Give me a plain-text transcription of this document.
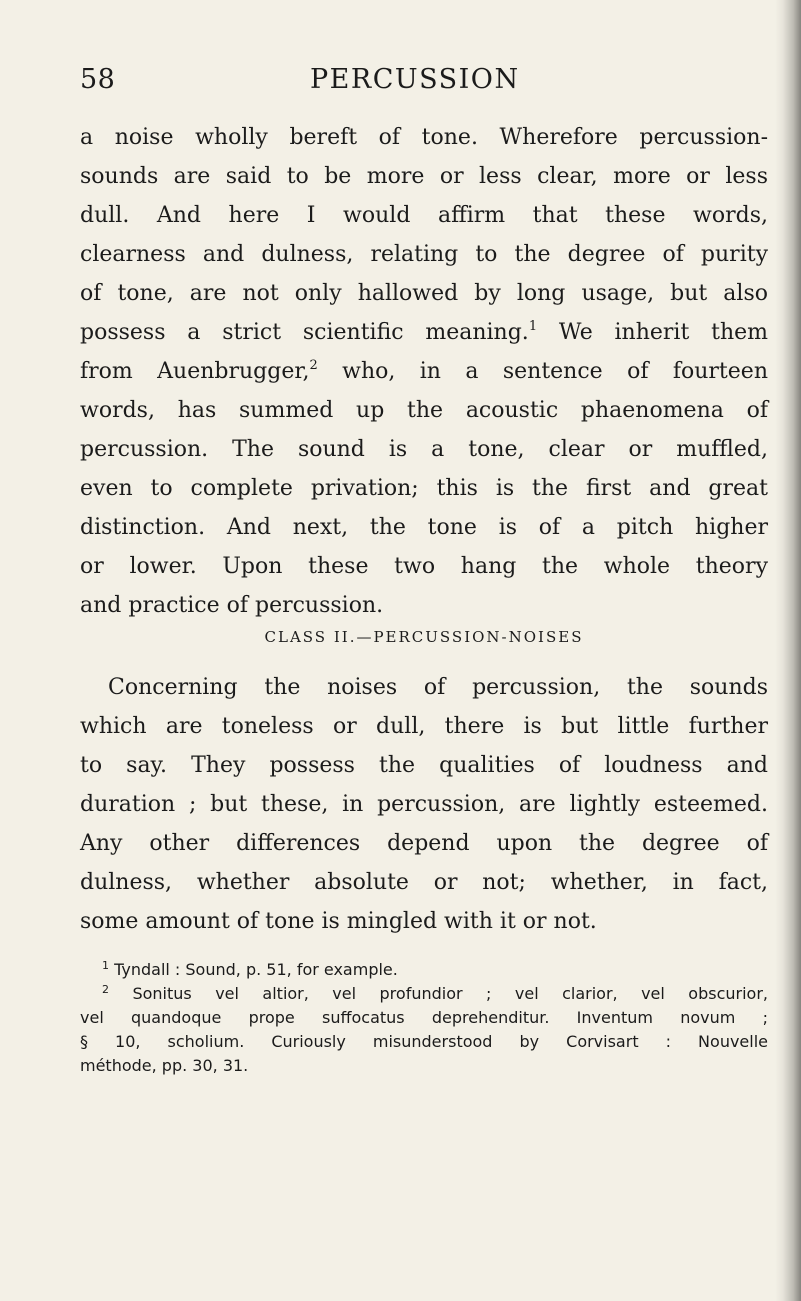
58	PERCUSSION
a noise wholly bereft of tone. Wherefore percussion-
sounds are said to be more or less clear, more or less
dull. And here I would affirm that these words,
clearness and dulness, relating to the degree of purity
of tone, are not only hallowed by long usage, but also
possess a strict scientific meaning.$^1$ We inherit them
from Auenbrugger,$^2$ who, in a sentence of fourteen
words, has summed up the acoustic phaenomena of
percussion. The sound is a tone, clear or muffled,
even to complete privation; this is the first and great
distinction. And next, the tone is of a pitch higher
or lower. Upon these two hang the whole theory
and practice of percussion.
CLASS II.—PERCUSSION-NOISES
Concerning the noises of percussion, the sounds
which are toneless or dull, there is but little further
to say. They possess the qualities of loudness and
duration ; but these, in percussion, are lightly esteemed.
Any other differences depend upon the degree of
dulness, whether absolute or not; whether, in fact,
some amount of tone is mingled with it or not.
$^1$ Tyndall : Sound, p. 51, for example.
$^2$ Sonitus vel altior, vel profundior ; vel clarior, vel obscurior,
vel quandoque prope suffocatus deprehenditur. Inventum novum ;
§ 10, scholium. Curiously misunderstood by Corvisart : Nouvelle
méthode, pp. 30, 31.
